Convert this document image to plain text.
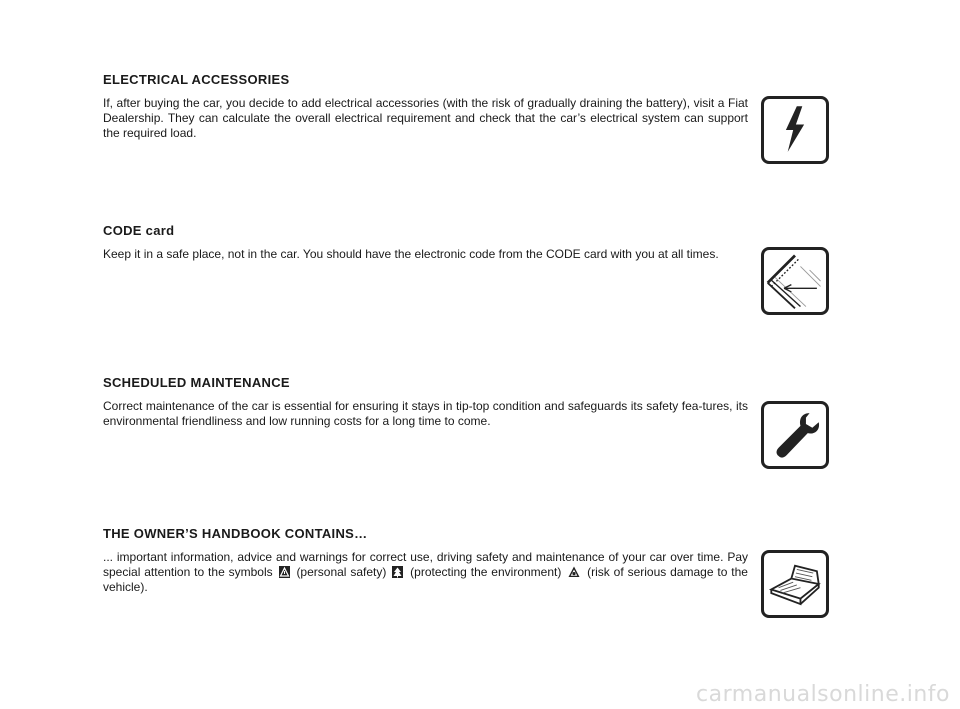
ELECTRICAL ACCESSORIES

If, after buying the car, you decide to add electrical accessories (with the risk of gradually draining the battery), visit a Fiat Dealership. They can calculate the overall electrical requirement and check that the car’s electrical system can support the required load.

CODE card

Keep it in a safe place, not in the car. You should have the electronic code from the CODE card with you at all times.

SCHEDULED MAINTENANCE

Correct maintenance of the car is essential for ensuring it stays in tip-top condition and safeguards its safety fea-tures, its environmental friendliness and low running costs for a long time to come.

THE OWNER’S HANDBOOK CONTAINS…

... important information, advice and warnings for correct use, driving safety and maintenance of your car over time. Pay special attention to the symbols (personal safety) (protecting the environment) (risk of serious damage to the vehicle).

carmanualsonline.info
